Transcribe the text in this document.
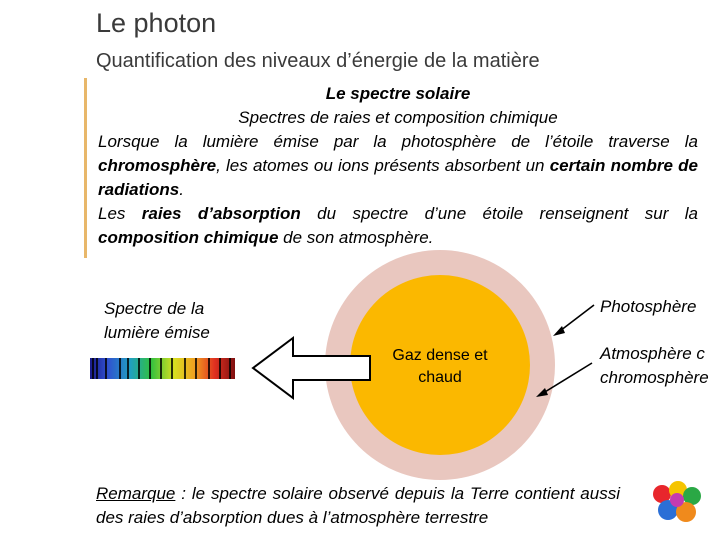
Le photon
Quantification des niveaux d’énergie de la matière
Le spectre solaire
Spectres de raies et composition chimique
Lorsque la lumière émise par la photosphère de l’étoile traverse la chromosphère, les atomes ou ions présents absorbent un certain nombre de radiations.
Les raies d’absorption du spectre d’une étoile renseignent sur la composition chimique de son atmosphère.
Spectre de la
lumière émise
Photosphère
Atmosphère c
chromosphère
Gaz dense et
chaud
Remarque : le spectre solaire observé depuis la Terre contient aussi des raies d’absorption dues à l’atmosphère terrestre
